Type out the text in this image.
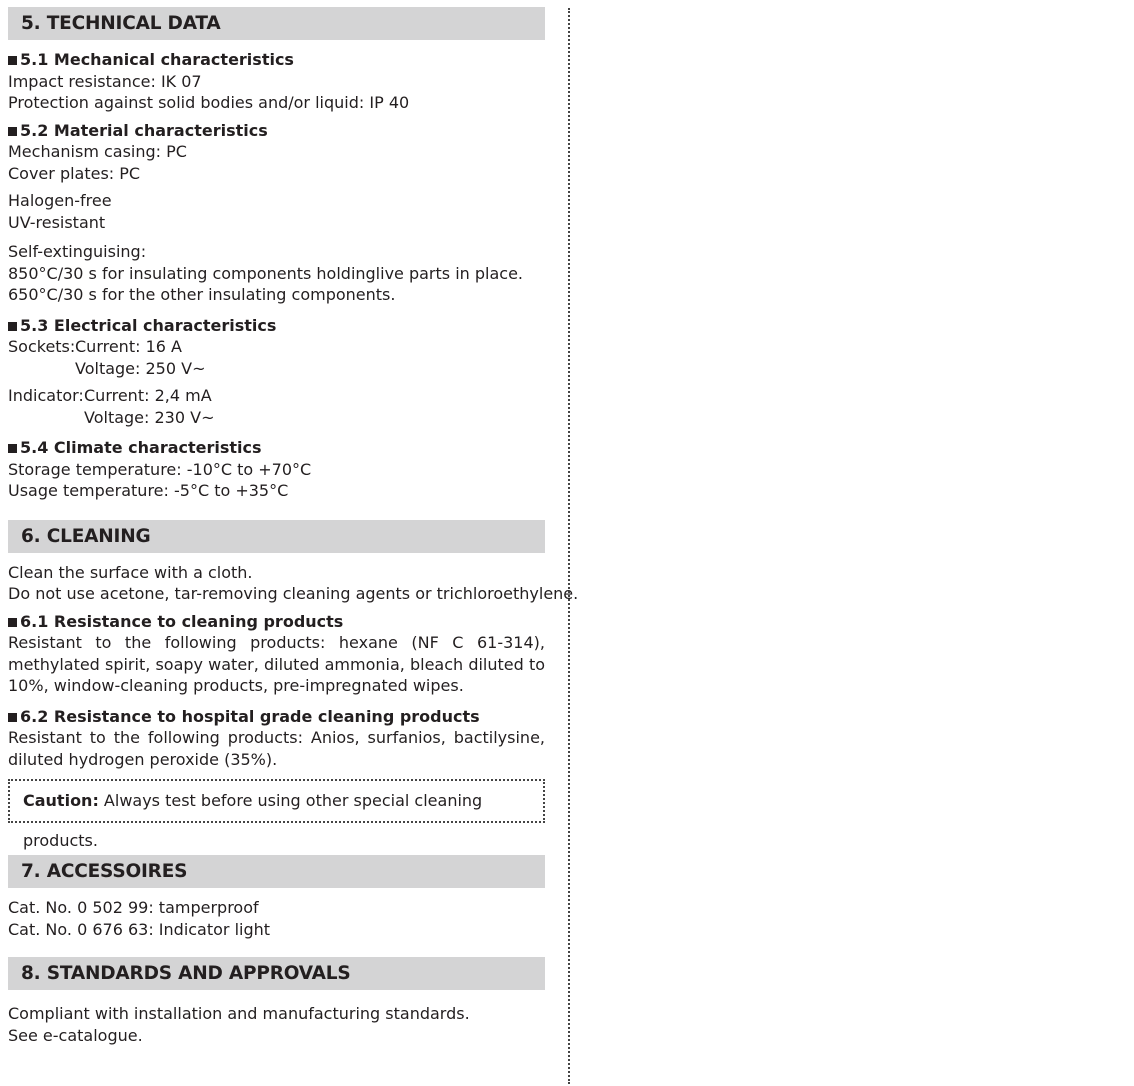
5. TECHNICAL DATA
5.1 Mechanical characteristics
Impact resistance: IK 07
Protection against solid bodies and/or liquid: IP 40
5.2 Material characteristics
Mechanism casing: PC
Cover plates: PC
Halogen-free
UV-resistant
Self-extinguising:
850°C/30 s for insulating components holdinglive parts in place.
650°C/30 s for the other insulating components.
5.3 Electrical characteristics
Sockets: Current: 16 A
Voltage: 250 V~
Indicator: Current: 2,4 mA
Voltage: 230 V~
5.4 Climate characteristics
Storage temperature: -10°C to +70°C
Usage temperature: -5°C to +35°C
6. CLEANING
Clean the surface with a cloth.
Do not use acetone, tar-removing cleaning agents or trichloroethylene.
6.1 Resistance to cleaning products
Resistant to the following products: hexane (NF C 61-314), methylated spirit, soapy water, diluted ammonia, bleach diluted to 10%, window-cleaning products, pre-impregnated wipes.
6.2 Resistance to hospital grade cleaning products
Resistant to the following products: Anios, surfanios, bactilysine, diluted hydrogen peroxide (35%).
Caution: Always test before using other special cleaning products.
7. ACCESSOIRES
Cat. No. 0 502 99: tamperproof
Cat. No. 0 676 63: Indicator light
8. STANDARDS AND APPROVALS
Compliant with installation and manufacturing standards.
See e-catalogue.
